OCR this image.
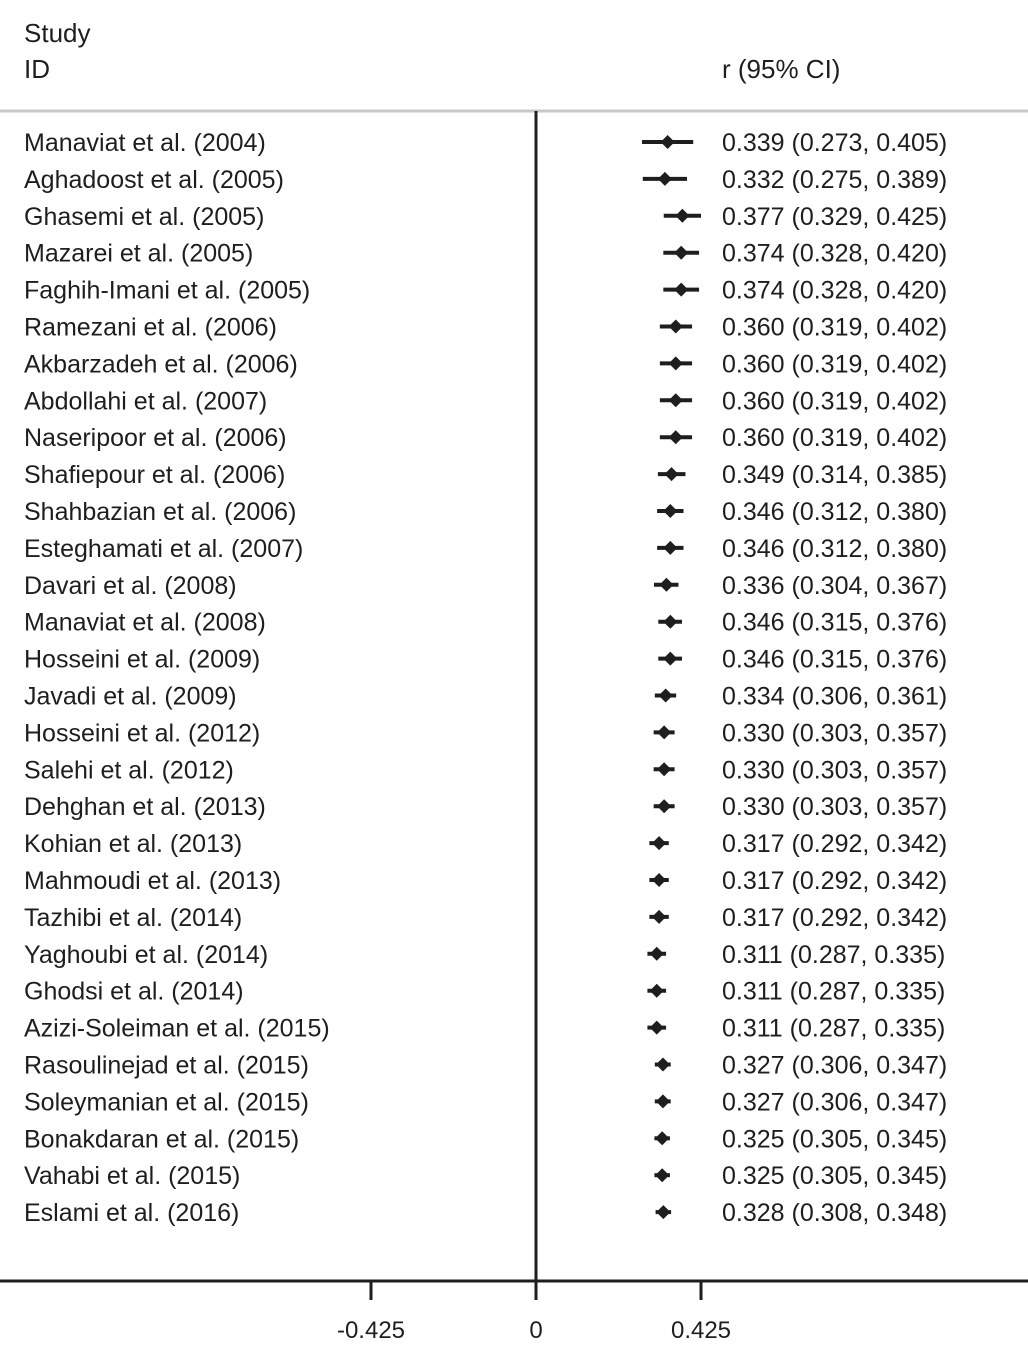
Study
ID	r (95% CI)
Manaviat et al. (2004)	0.339 (0.273, 0.405)
Aghadoost et al. (2005)	0.332 (0.275, 0.389)
Ghasemi et al. (2005)	0.377 (0.329, 0.425)
Mazarei et al. (2005)	0.374 (0.328, 0.420)
Faghih-Imani et al. (2005)	0.374 (0.328, 0.420)
Ramezani et al. (2006)	0.360 (0.319, 0.402)
Akbarzadeh et al. (2006)	0.360 (0.319, 0.402)
Abdollahi et al. (2007)	0.360 (0.319, 0.402)
Naseripoor et al. (2006)	0.360 (0.319, 0.402)
Shafiepour et al. (2006)	0.349 (0.314, 0.385)
Shahbazian et al. (2006)	0.346 (0.312, 0.380)
Esteghamati et al. (2007)	0.346 (0.312, 0.380)
Davari et al. (2008)	0.336 (0.304, 0.367)
Manaviat et al. (2008)	0.346 (0.315, 0.376)
Hosseini et al. (2009)	0.346 (0.315, 0.376)
Javadi et al. (2009)	0.334 (0.306, 0.361)
Hosseini et al. (2012)	0.330 (0.303, 0.357)
Salehi et al. (2012)	0.330 (0.303, 0.357)
Dehghan et al. (2013)	0.330 (0.303, 0.357)
Kohian et al. (2013)	0.317 (0.292, 0.342)
Mahmoudi et al. (2013)	0.317 (0.292, 0.342)
Tazhibi et al. (2014)	0.317 (0.292, 0.342)
Yaghoubi et al. (2014)	0.311 (0.287, 0.335)
Ghodsi et al. (2014)	0.311 (0.287, 0.335)
Azizi-Soleiman et al. (2015)	0.311 (0.287, 0.335)
Rasoulinejad et al. (2015)	0.327 (0.306, 0.347)
Soleymanian et al. (2015)	0.327 (0.306, 0.347)
Bonakdaran et al. (2015)	0.325 (0.305, 0.345)
Vahabi et al. (2015)	0.325 (0.305, 0.345)
Eslami et al. (2016)	0.328 (0.308, 0.348)
-0.425	0	0.425
